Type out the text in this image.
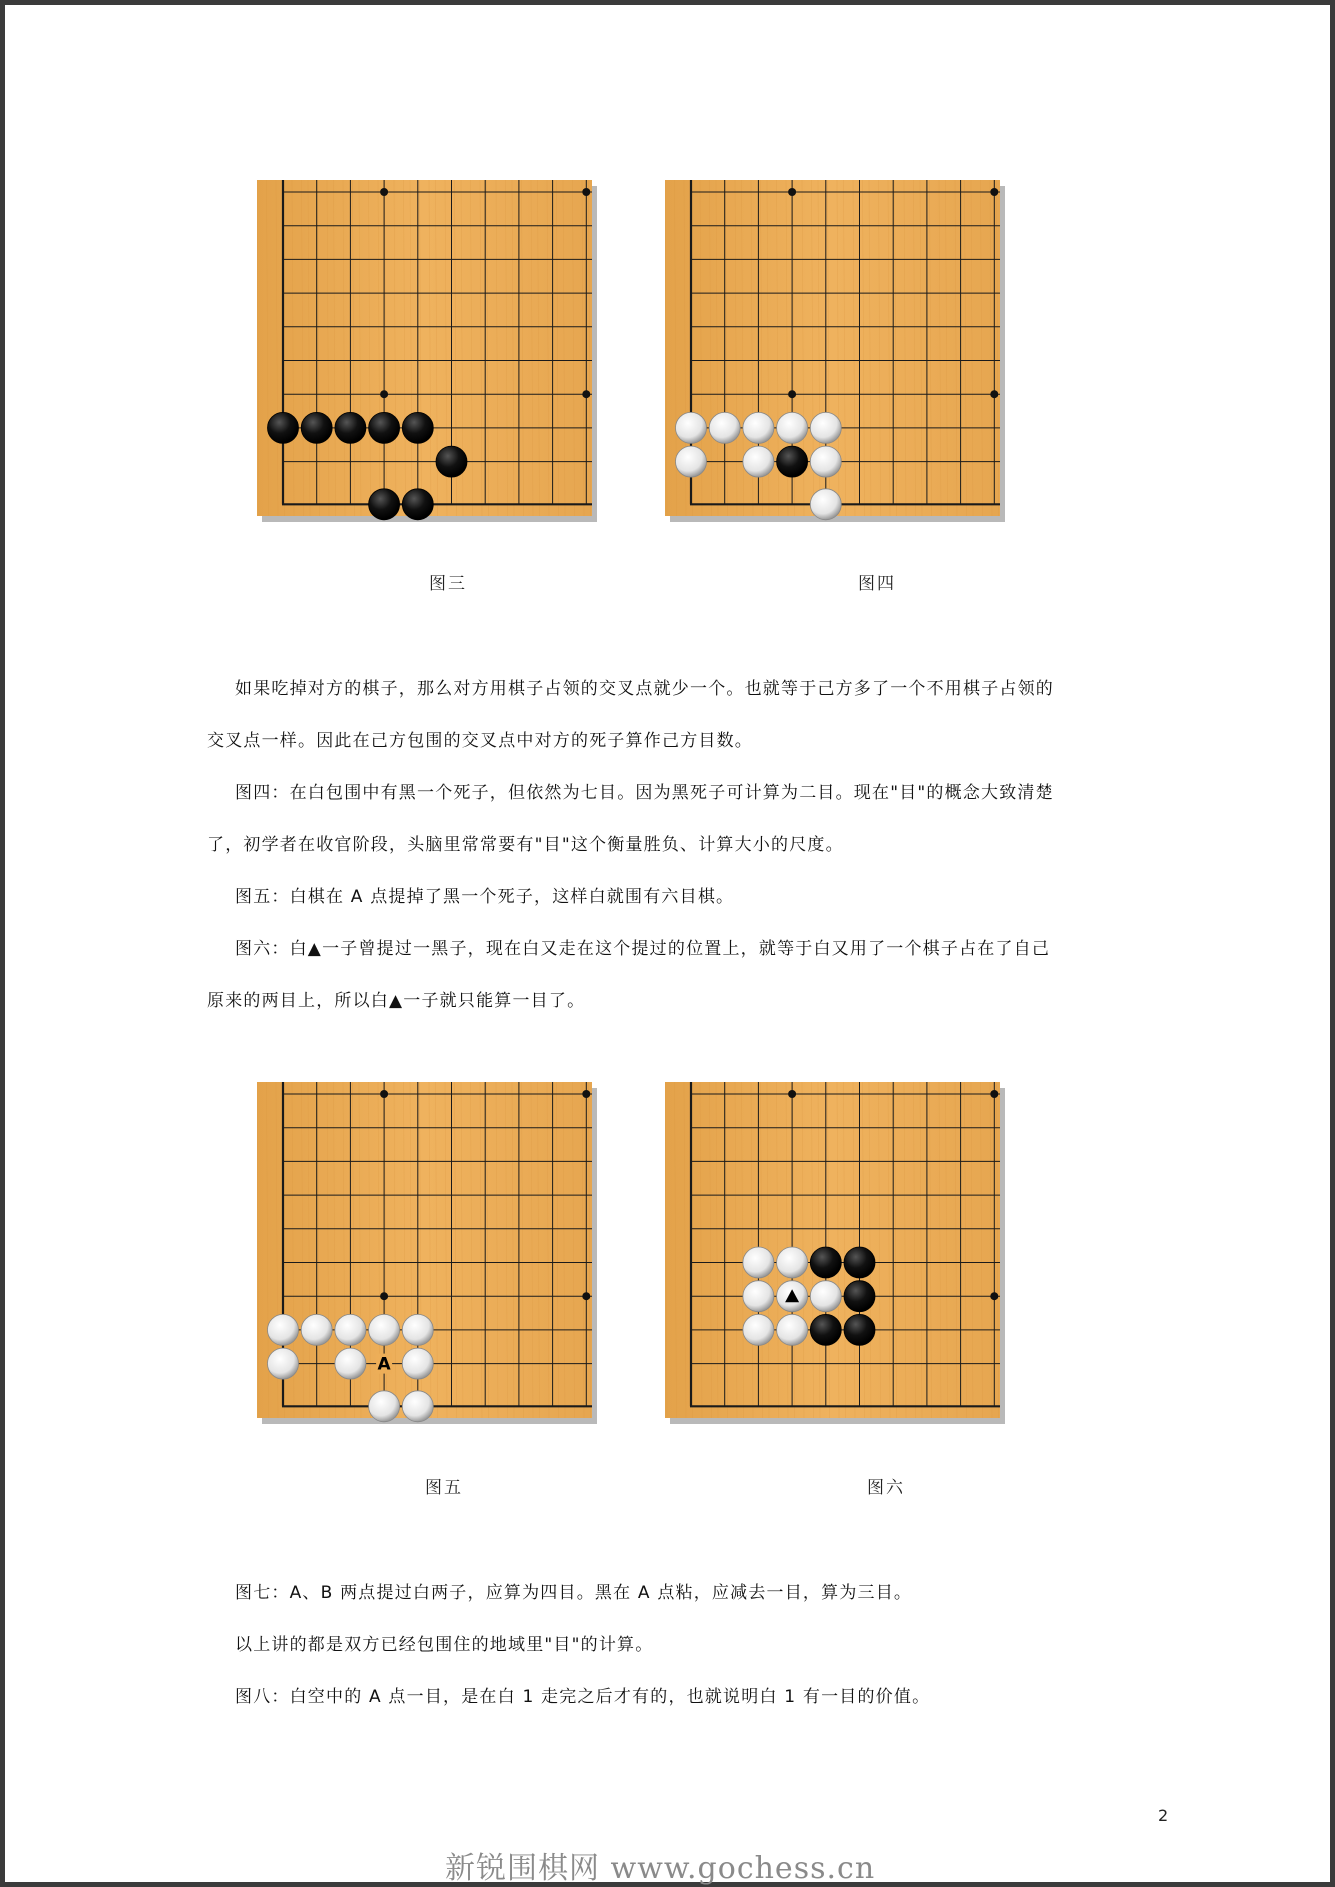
图三	图四
如果吃掉对方的棋子，那么对方用棋子占领的交叉点就少一个。也就等于己方多了一个不用棋子占领的
交叉点一样。因此在己方包围的交叉点中对方的死子算作己方目数。
图四：在白包围中有黑一个死子，但依然为七目。因为黑死子可计算为二目。现在"目"的概念大致清楚
了，初学者在收官阶段，头脑里常常要有"目"这个衡量胜负、计算大小的尺度。
图五：白棋在 A 点提掉了黑一个死子，这样白就围有六目棋。
图六：白▲一子曾提过一黑子，现在白又走在这个提过的位置上，就等于白又用了一个棋子占在了自己
原来的两目上，所以白▲一子就只能算一目了。
A
图五	图六
图七：A、B 两点提过白两子，应算为四目。黑在 A 点粘，应减去一目，算为三目。
以上讲的都是双方已经包围住的地域里"目"的计算。
图八：白空中的 A 点一目，是在白 1 走完之后才有的，也就说明白 1 有一目的价值。
2
新锐围棋网 www.gochess.cn
